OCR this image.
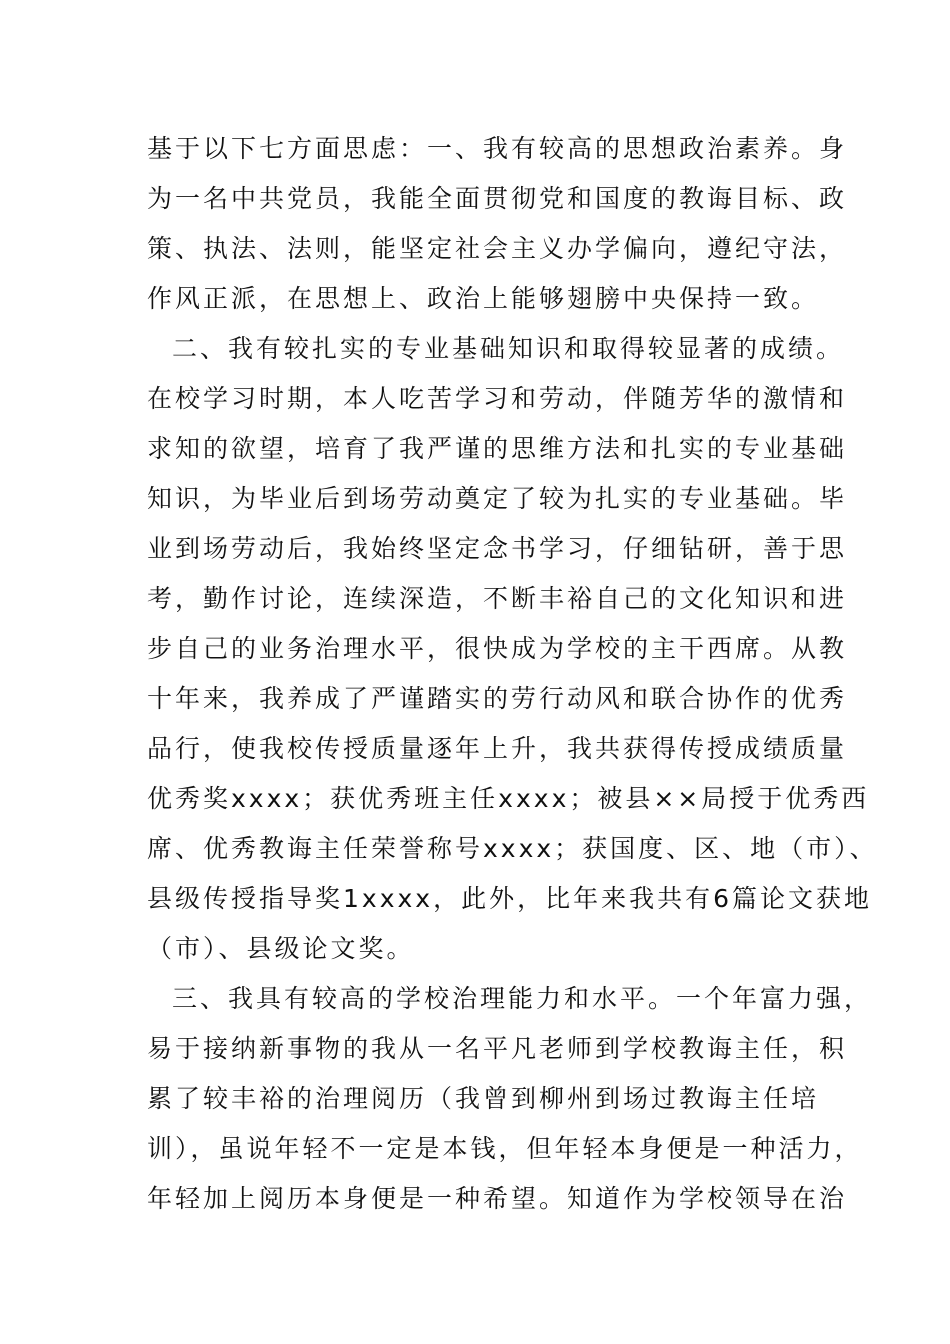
基于以下七方面思虑：一、我有较高的思想政治素养。身
为一名中共党员，我能全面贯彻党和国度的教诲目标、政
策、执法、法则，能坚定社会主义办学偏向，遵纪守法，
作风正派，在思想上、政治上能够翅膀中央保持一致。
二、我有较扎实的专业基础知识和取得较显著的成绩。
在校学习时期，本人吃苦学习和劳动，伴随芳华的激情和
求知的欲望，培育了我严谨的思维方法和扎实的专业基础
知识，为毕业后到场劳动奠定了较为扎实的专业基础。毕
业到场劳动后，我始终坚定念书学习，仔细钻研，善于思
考，勤作讨论，连续深造，不断丰裕自己的文化知识和进
步自己的业务治理水平，很快成为学校的主干西席。从教
十年来，我养成了严谨踏实的劳行动风和联合协作的优秀
品行，使我校传授质量逐年上升，我共获得传授成绩质量
优秀奖xxxx；获优秀班主任xxxx；被县××局授于优秀西
席、优秀教诲主任荣誉称号xxxx；获国度、区、地（市）、
县级传授指导奖1xxxx，此外，比年来我共有6篇论文获地
（市）、县级论文奖。
三、我具有较高的学校治理能力和水平。一个年富力强，
易于接纳新事物的我从一名平凡老师到学校教诲主任，积
累了较丰裕的治理阅历（我曾到柳州到场过教诲主任培
训），虽说年轻不一定是本钱，但年轻本身便是一种活力，
年轻加上阅历本身便是一种希望。知道作为学校领导在治
